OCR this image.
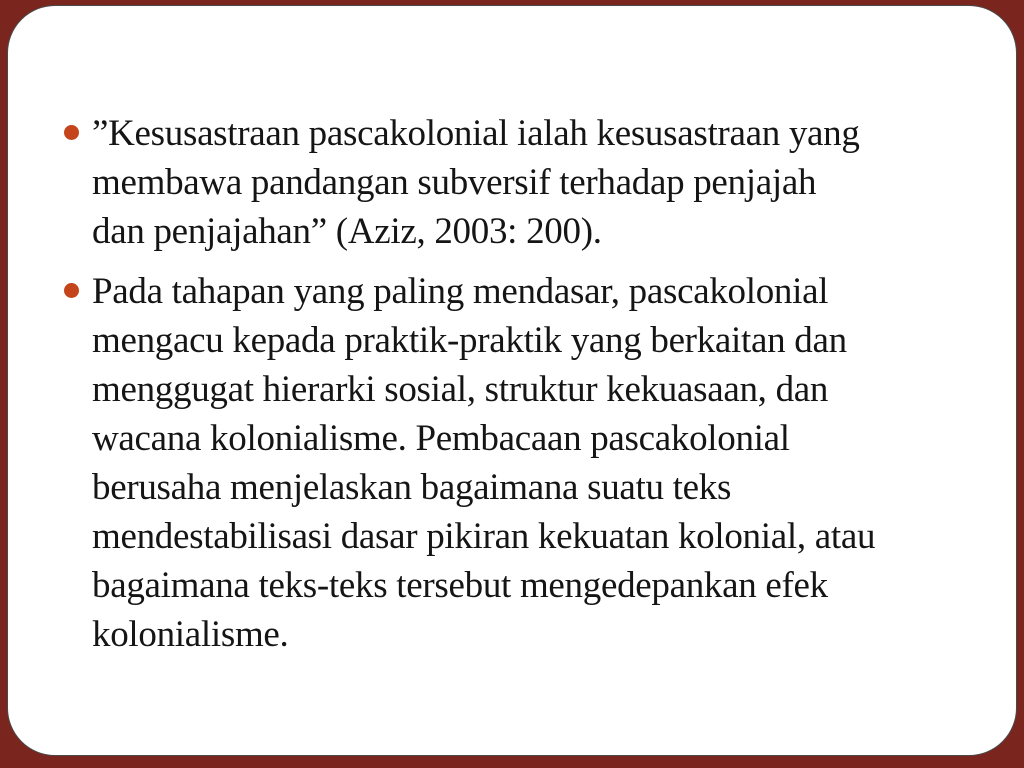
”Kesusastraan pascakolonial ialah kesusastraan yang
membawa pandangan subversif terhadap penjajah
dan penjajahan” (Aziz, 2003: 200).
Pada tahapan yang paling mendasar, pascakolonial
mengacu kepada praktik-praktik yang berkaitan dan
menggugat hierarki sosial, struktur kekuasaan, dan
wacana kolonialisme. Pembacaan pascakolonial
berusaha menjelaskan bagaimana suatu teks
mendestabilisasi dasar pikiran kekuatan kolonial, atau
bagaimana teks-teks tersebut mengedepankan efek
kolonialisme.
